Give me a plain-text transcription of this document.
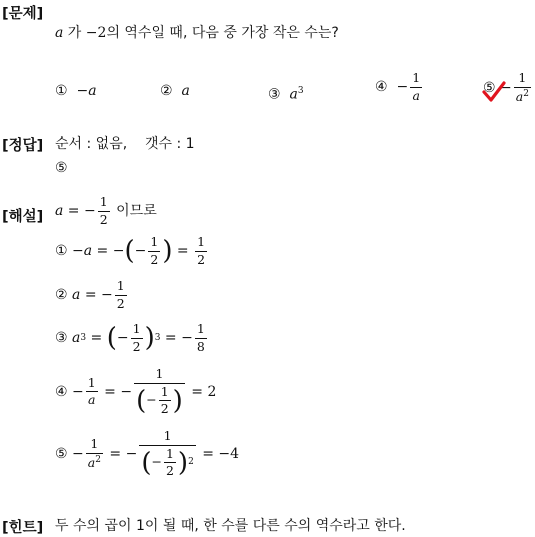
[문제]
a 가 −2의 역수일 때, 다음 중 가장 작은 수는?
① −a	② a	③ $a^3$	④
− $\frac{1}{a}$	⑤
− $\frac{1}{a^2}$
[정답] 순서 : 없음,    갯수 : 1
⑤
[해설] a = − $\frac{1}{2}$
이므로
① − a = − ( − $\frac{1}{2}$ ) = $\frac{1}{2}$
②
a = − $\frac{1}{2}$
③
a 3 = ( − $\frac{1}{2}$ ) 3 = − $\frac{1}{8}$
④ − $\frac{1}{a}$ = − $\frac{1}{( - \frac{1}{2} )}$
= 2
⑤ − $\frac{1}{a^2}$ = − $\frac{1}{( - \frac{1}{2} ) 2}$
= −4
[힌트] 두 수의 곱이 1이 될 때, 한 수를 다른 수의 역수라고 한다.
